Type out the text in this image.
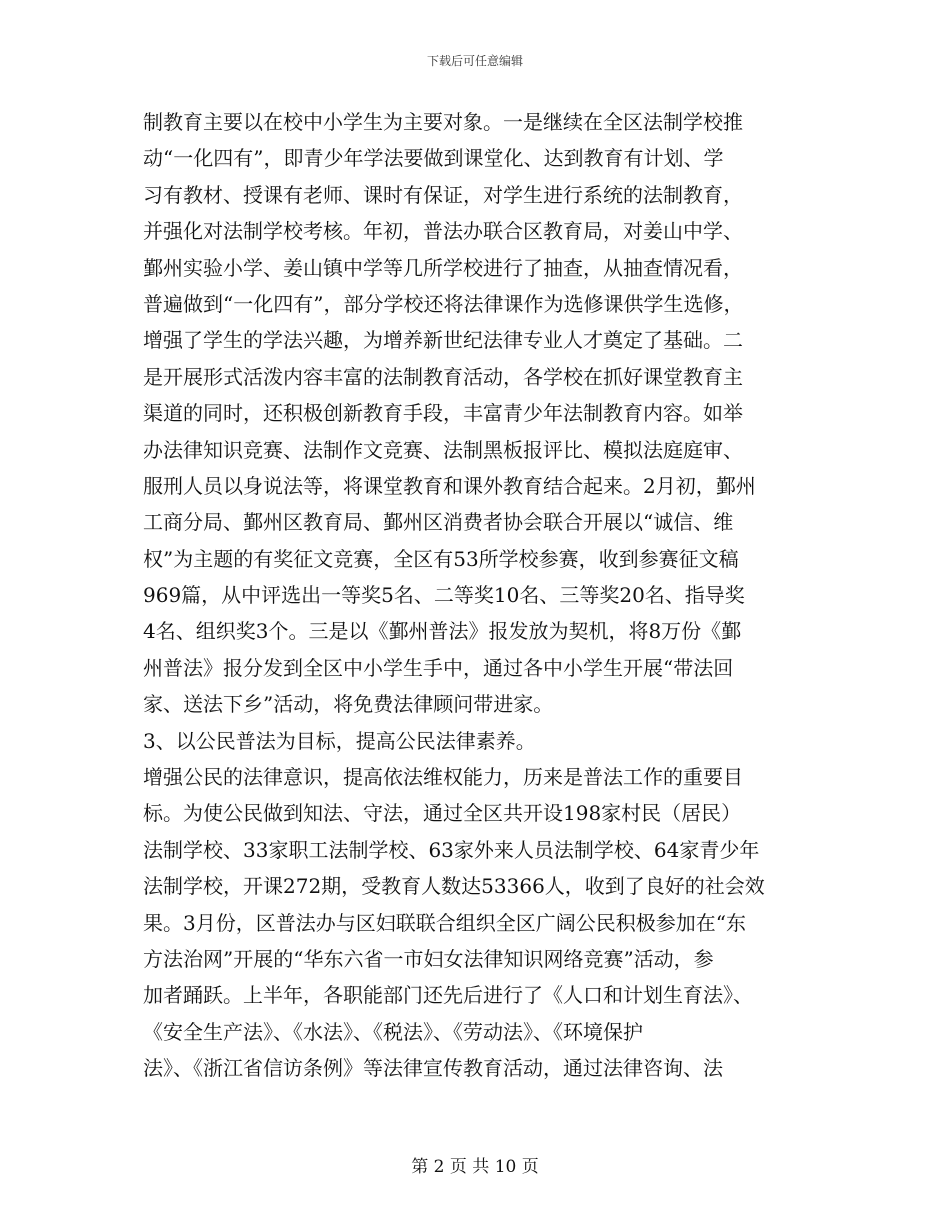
下载后可任意编辑
制教育主要以在校中小学生为主要对象。一是继续在全区法制学校推
动“一化四有”，即青少年学法要做到课堂化、达到教育有计划、学
习有教材、授课有老师、课时有保证，对学生进行系统的法制教育，
并强化对法制学校考核。年初，普法办联合区教育局，对姜山中学、
鄞州实验小学、姜山镇中学等几所学校进行了抽查，从抽查情况看，
普遍做到“一化四有”，部分学校还将法律课作为选修课供学生选修，
增强了学生的学法兴趣，为增养新世纪法律专业人才奠定了基础。二
是开展形式活泼内容丰富的法制教育活动，各学校在抓好课堂教育主
渠道的同时，还积极创新教育手段，丰富青少年法制教育内容。如举
办法律知识竞赛、法制作文竞赛、法制黑板报评比、模拟法庭庭审、
服刑人员以身说法等，将课堂教育和课外教育结合起来。2月初，鄞州
工商分局、鄞州区教育局、鄞州区消费者协会联合开展以“诚信、维
权”为主题的有奖征文竞赛，全区有53所学校参赛，收到参赛征文稿
969篇，从中评选出一等奖5名、二等奖10名、三等奖20名、指导奖
4名、组织奖3个。三是以《鄞州普法》报发放为契机，将8万份《鄞
州普法》报分发到全区中小学生手中，通过各中小学生开展“带法回
家、送法下乡”活动，将免费法律顾问带进家。
3、以公民普法为目标，提高公民法律素养。
增强公民的法律意识，提高依法维权能力，历来是普法工作的重要目
标。为使公民做到知法、守法，通过全区共开设198家村民（居民）
法制学校、33家职工法制学校、63家外来人员法制学校、64家青少年
法制学校，开课272期，受教育人数达53366人，收到了良好的社会效
果。3月份，区普法办与区妇联联合组织全区广阔公民积极参加在“东
方法治网”开展的“华东六省一市妇女法律知识网络竞赛”活动，参
加者踊跃。上半年，各职能部门还先后进行了《人口和计划生育法》、
《安全生产法》、《水法》、《税法》、《劳动法》、《环境保护
法》、《浙江省信访条例》等法律宣传教育活动，通过法律咨询、法
第 2 页 共 10 页
